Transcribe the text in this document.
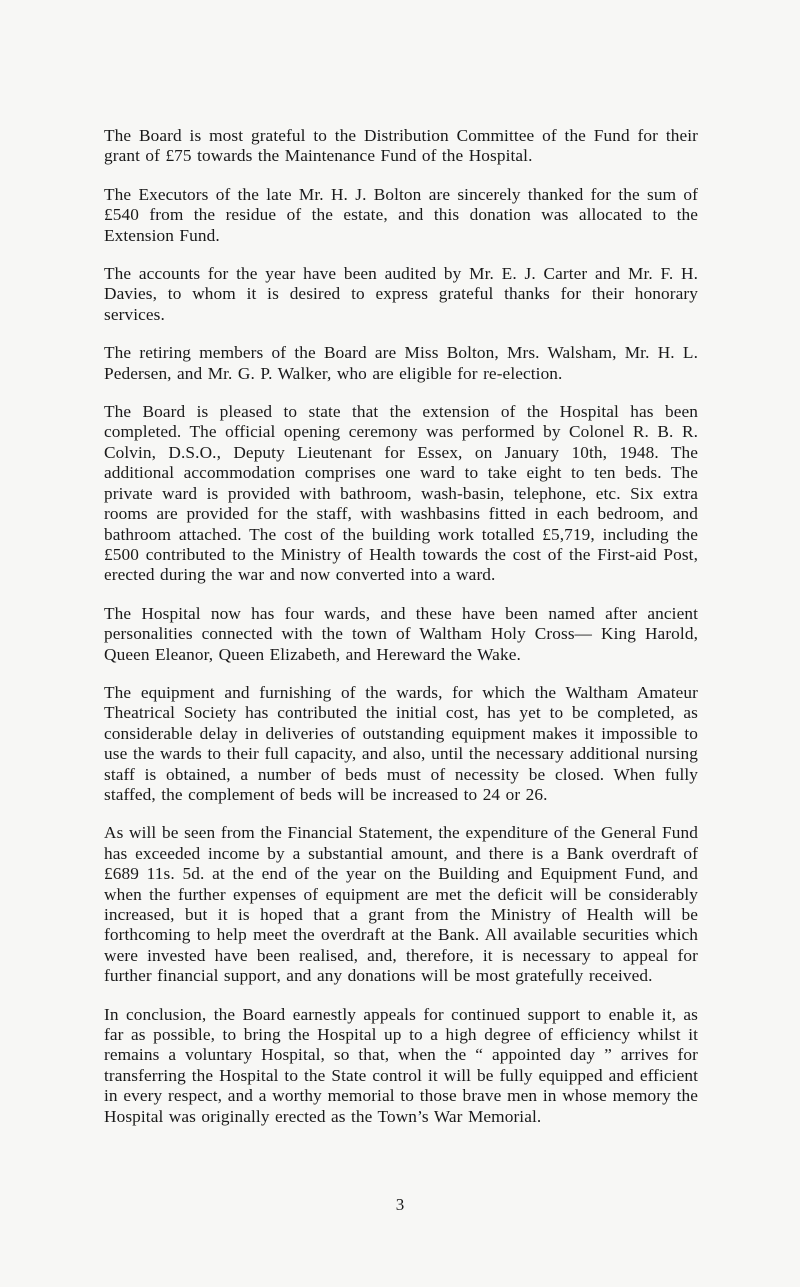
The Board is most grateful to the Distribution Committee of the Fund for their grant of £75 towards the Maintenance Fund of the Hospital.

The Executors of the late Mr. H. J. Bolton are sincerely thanked for the sum of £540 from the residue of the estate, and this donation was allocated to the Extension Fund.

The accounts for the year have been audited by Mr. E. J. Carter and Mr. F. H. Davies, to whom it is desired to express grateful thanks for their honorary services.

The retiring members of the Board are Miss Bolton, Mrs. Walsham, Mr. H. L. Pedersen, and Mr. G. P. Walker, who are eligible for re-election.

The Board is pleased to state that the extension of the Hospital has been completed. The official opening ceremony was performed by Colonel R. B. R. Colvin, D.S.O., Deputy Lieutenant for Essex, on January 10th, 1948. The additional accommodation comprises one ward to take eight to ten beds. The private ward is provided with bathroom, wash-basin, telephone, etc. Six extra rooms are provided for the staff, with washbasins fitted in each bedroom, and bathroom attached. The cost of the building work totalled £5,719, including the £500 contributed to the Ministry of Health towards the cost of the First-aid Post, erected during the war and now converted into a ward.

The Hospital now has four wards, and these have been named after ancient personalities connected with the town of Waltham Holy Cross— King Harold, Queen Eleanor, Queen Elizabeth, and Hereward the Wake.

The equipment and furnishing of the wards, for which the Waltham Amateur Theatrical Society has contributed the initial cost, has yet to be completed, as considerable delay in deliveries of outstanding equipment makes it impossible to use the wards to their full capacity, and also, until the necessary additional nursing staff is obtained, a number of beds must of necessity be closed. When fully staffed, the complement of beds will be increased to 24 or 26.

As will be seen from the Financial Statement, the expenditure of the General Fund has exceeded income by a substantial amount, and there is a Bank overdraft of £689 11s. 5d. at the end of the year on the Building and Equipment Fund, and when the further expenses of equipment are met the deficit will be considerably increased, but it is hoped that a grant from the Ministry of Health will be forthcoming to help meet the overdraft at the Bank. All available securities which were invested have been realised, and, therefore, it is necessary to appeal for further financial support, and any donations will be most gratefully received.

In conclusion, the Board earnestly appeals for continued support to enable it, as far as possible, to bring the Hospital up to a high degree of efficiency whilst it remains a voluntary Hospital, so that, when the “ appointed day ” arrives for transferring the Hospital to the State control it will be fully equipped and efficient in every respect, and a worthy memorial to those brave men in whose memory the Hospital was originally erected as the Town’s War Memorial.

3
